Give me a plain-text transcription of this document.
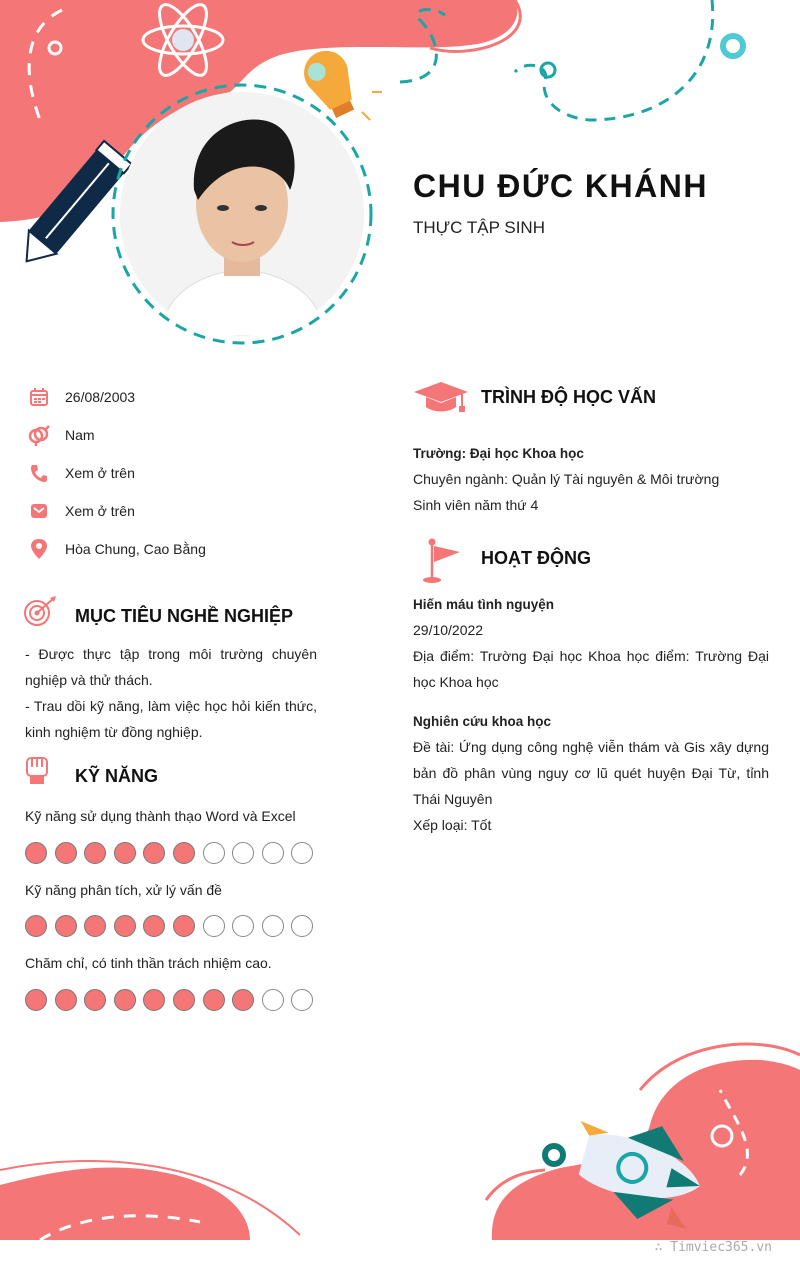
CHU ĐỨC KHÁNH
THỰC TẬP SINH
26/08/2003
Nam
Xem ở trên
Xem ở trên
Hòa Chung, Cao Bằng
MỤC TIÊU NGHỀ NGHIỆP
- Được thực tập trong môi trường chuyên nghiệp và thử thách.
- Trau dồi kỹ năng, làm việc học hỏi kiến thức, kinh nghiệm từ đồng nghiệp.
KỸ NĂNG
Kỹ năng sử dụng thành thạo Word và Excel
Kỹ năng phân tích, xử lý vấn đề
Chăm chỉ, có tinh thần trách nhiệm cao.
TRÌNH ĐỘ HỌC VẤN
Trường: Đại học Khoa học
Chuyên ngành: Quản lý Tài nguyên & Môi trường
Sinh viên năm thứ 4
HOẠT ĐỘNG
Hiến máu tình nguyện
29/10/2022
Địa điểm: Trường Đại học Khoa học điểm: Trường Đại học Khoa học
Nghiên cứu khoa học
Đề tài: Ứng dụng công nghệ viễn thám và Gis xây dựng bản đồ phân vùng nguy cơ lũ quét huyện Đại Từ, tỉnh Thái Nguyên
Xếp loại: Tốt
∴ Timviec365.vn
